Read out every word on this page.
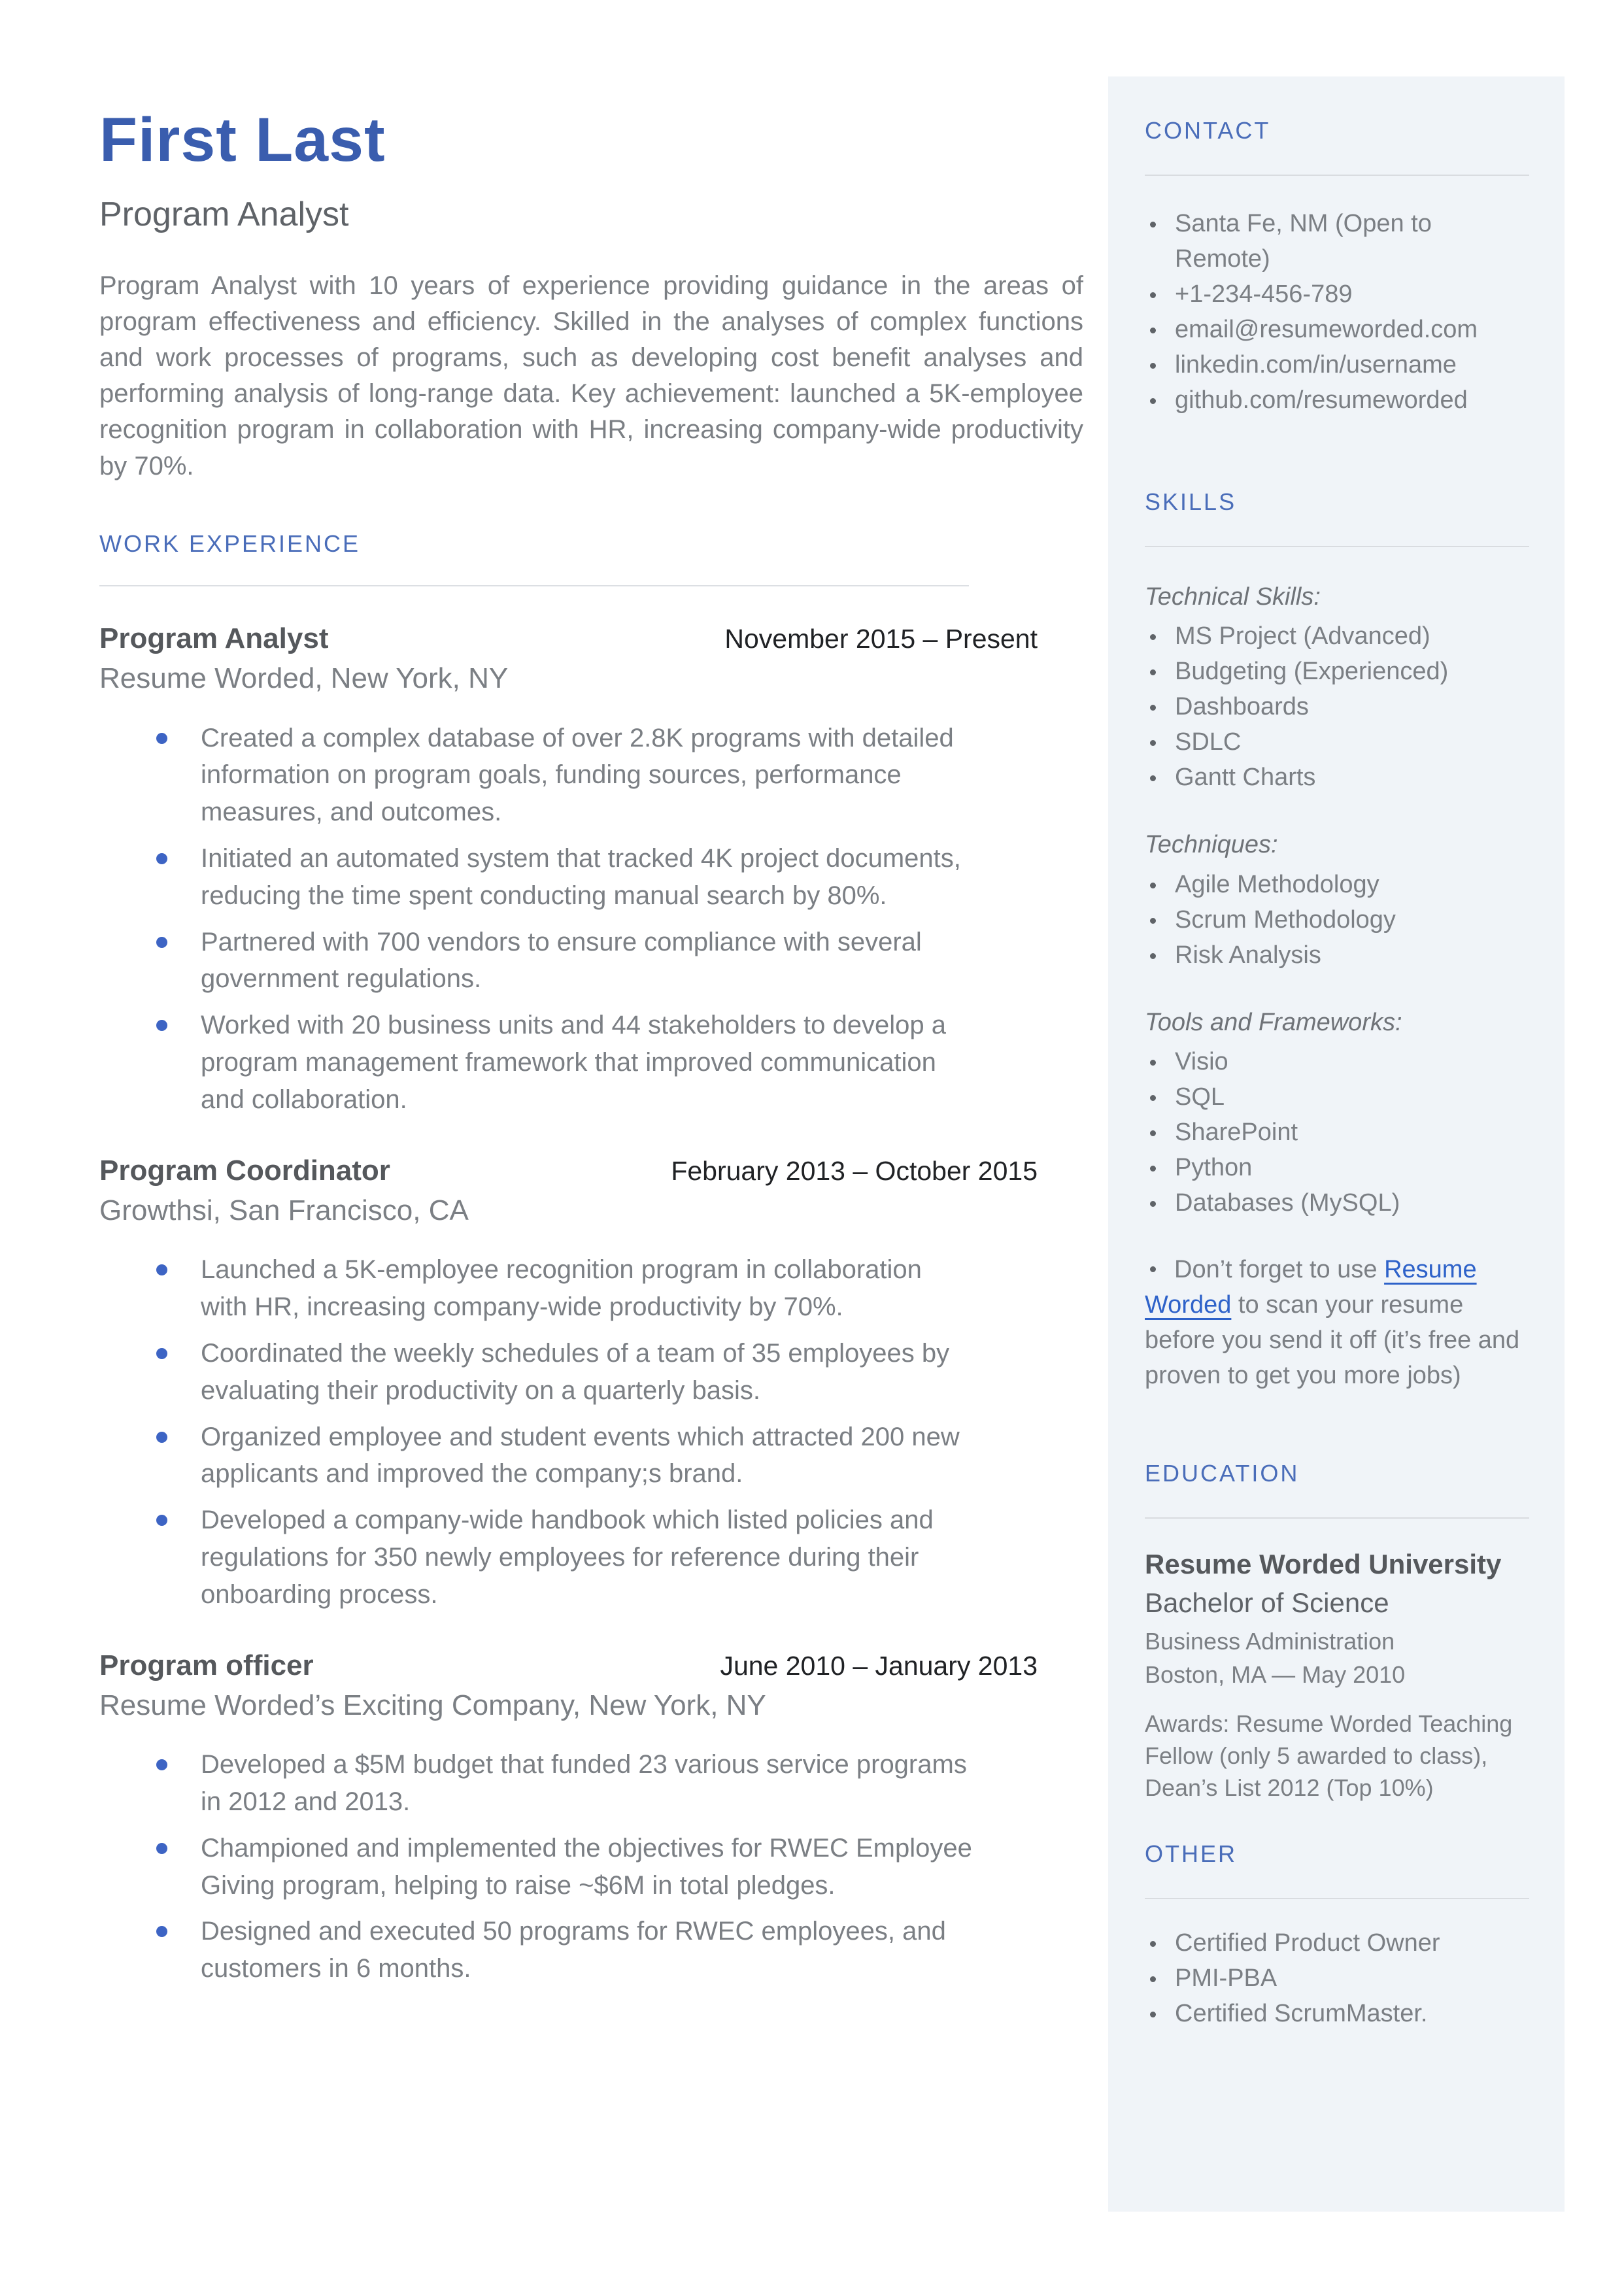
First Last
Program Analyst

Program Analyst with 10 years of experience providing guidance in the areas of program effectiveness and efficiency. Skilled in the analyses of complex functions and work processes of programs, such as developing cost benefit analyses and performing analysis of long-range data. Key achievement: launched a 5K-employee recognition program in collaboration with HR, increasing company-wide productivity by 70%.

WORK EXPERIENCE
Program Analyst	November 2015 – Present
Resume Worded, New York, NY
Created a complex database of over 2.8K programs with detailed information on program goals, funding sources, performance measures, and outcomes.
Initiated an automated system that tracked 4K project documents, reducing the time spent conducting manual search by 80%.
Partnered with 700 vendors to ensure compliance with several government regulations.
Worked with 20 business units and 44 stakeholders to develop a program management framework that improved communication and collaboration.
Program Coordinator	February 2013 – October 2015
Growthsi, San Francisco, CA
Launched a 5K-employee recognition program in collaboration with HR, increasing company-wide productivity by 70%.
Coordinated the weekly schedules of a team of 35 employees by evaluating their productivity on a quarterly basis.
Organized employee and student events which attracted 200 new applicants and improved the company;s brand.
Developed a company-wide handbook which listed policies and regulations for 350 newly employees for reference during their onboarding process.
Program officer	June 2010 – January 2013
Resume Worded’s Exciting Company, New York, NY
Developed a $5M budget that funded 23 various service programs in 2012 and 2013.
Championed and implemented the objectives for RWEC Employee Giving program, helping to raise ~$6M in total pledges.
Designed and executed 50 programs for RWEC employees, and customers in 6 months.
CONTACT
Santa Fe, NM (Open to Remote)
+1-234-456-789
email@resumeworded.com
linkedin.com/in/username
github.com/resumeworded
SKILLS
Technical Skills:
MS Project (Advanced)
Budgeting (Experienced)
Dashboards
SDLC
Gantt Charts
Techniques:
Agile Methodology
Scrum Methodology
Risk Analysis
Tools and Frameworks:
Visio
SQL
SharePoint
Python
Databases (MySQL)
Don’t forget to use Resume Worded to scan your resume before you send it off (it’s free and proven to get you more jobs)
EDUCATION
Resume Worded University
Bachelor of Science
Business Administration
Boston, MA — May 2010
Awards: Resume Worded Teaching Fellow (only 5 awarded to class), Dean’s List 2012 (Top 10%)
OTHER
Certified Product Owner
PMI-PBA
Certified ScrumMaster.
